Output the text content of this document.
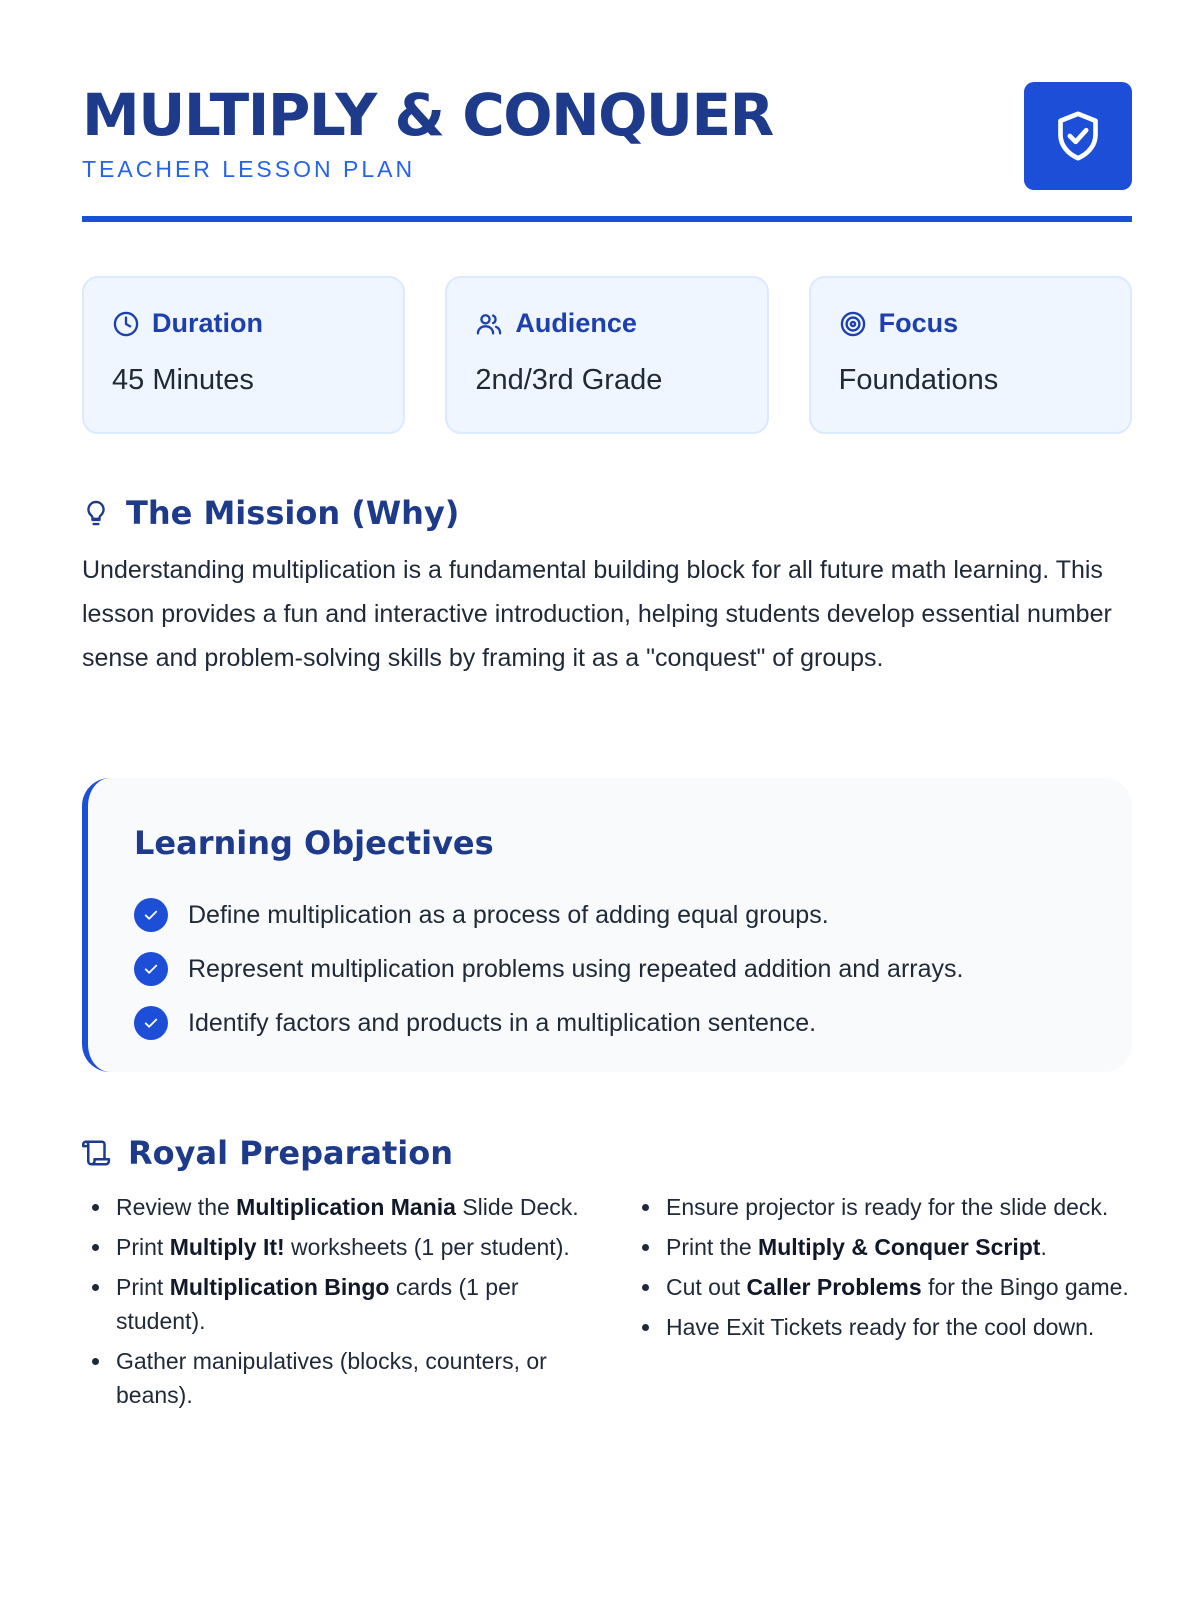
MULTIPLY & CONQUER
TEACHER LESSON PLAN
Duration
45 Minutes
Audience
2nd/3rd Grade
Focus
Foundations
The Mission (Why)

Understanding multiplication is a fundamental building block for all future math learning. This lesson provides a fun and interactive introduction, helping students develop essential number sense and problem-solving skills by framing it as a "conquest" of groups.

Learning Objectives
Define multiplication as a process of adding equal groups.
Represent multiplication problems using repeated addition and arrays.
Identify factors and products in a multiplication sentence.
Royal Preparation
Review the Multiplication Mania Slide Deck.
Print Multiply It! worksheets (1 per student).
Print Multiplication Bingo cards (1 per student).
Gather manipulatives (blocks, counters, or beans).
Ensure projector is ready for the slide deck.
Print the Multiply & Conquer Script.
Cut out Caller Problems for the Bingo game.
Have Exit Tickets ready for the cool down.
